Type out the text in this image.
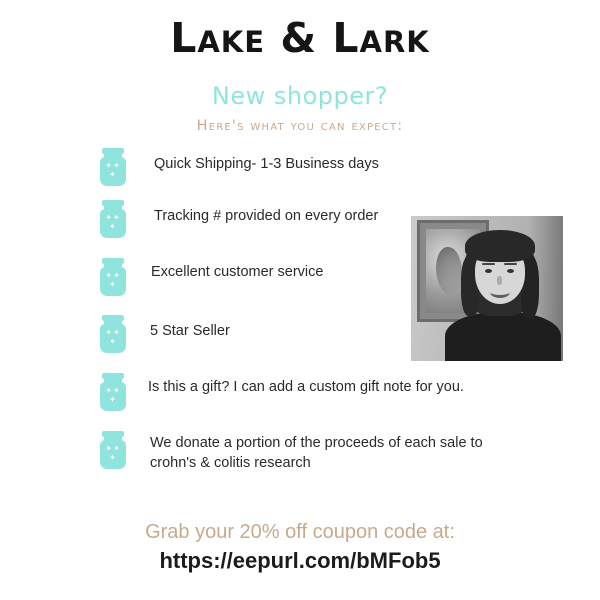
Lake & Lark
New shopper?
Here's what you can expect:
✦✦
✦
Quick Shipping- 1-3 Business days
✦✦
✦
Tracking # provided on every order
✦✦
✦
Excellent customer service
✦✦
✦
5 Star Seller
✦✦
✦
Is this a gift? I can add a custom gift note for you.
✦✦
✦
We donate a portion of the proceeds of each sale to
crohn's & colitis research
Grab your 20% off coupon code at:
https://eepurl.com/bMFob5
